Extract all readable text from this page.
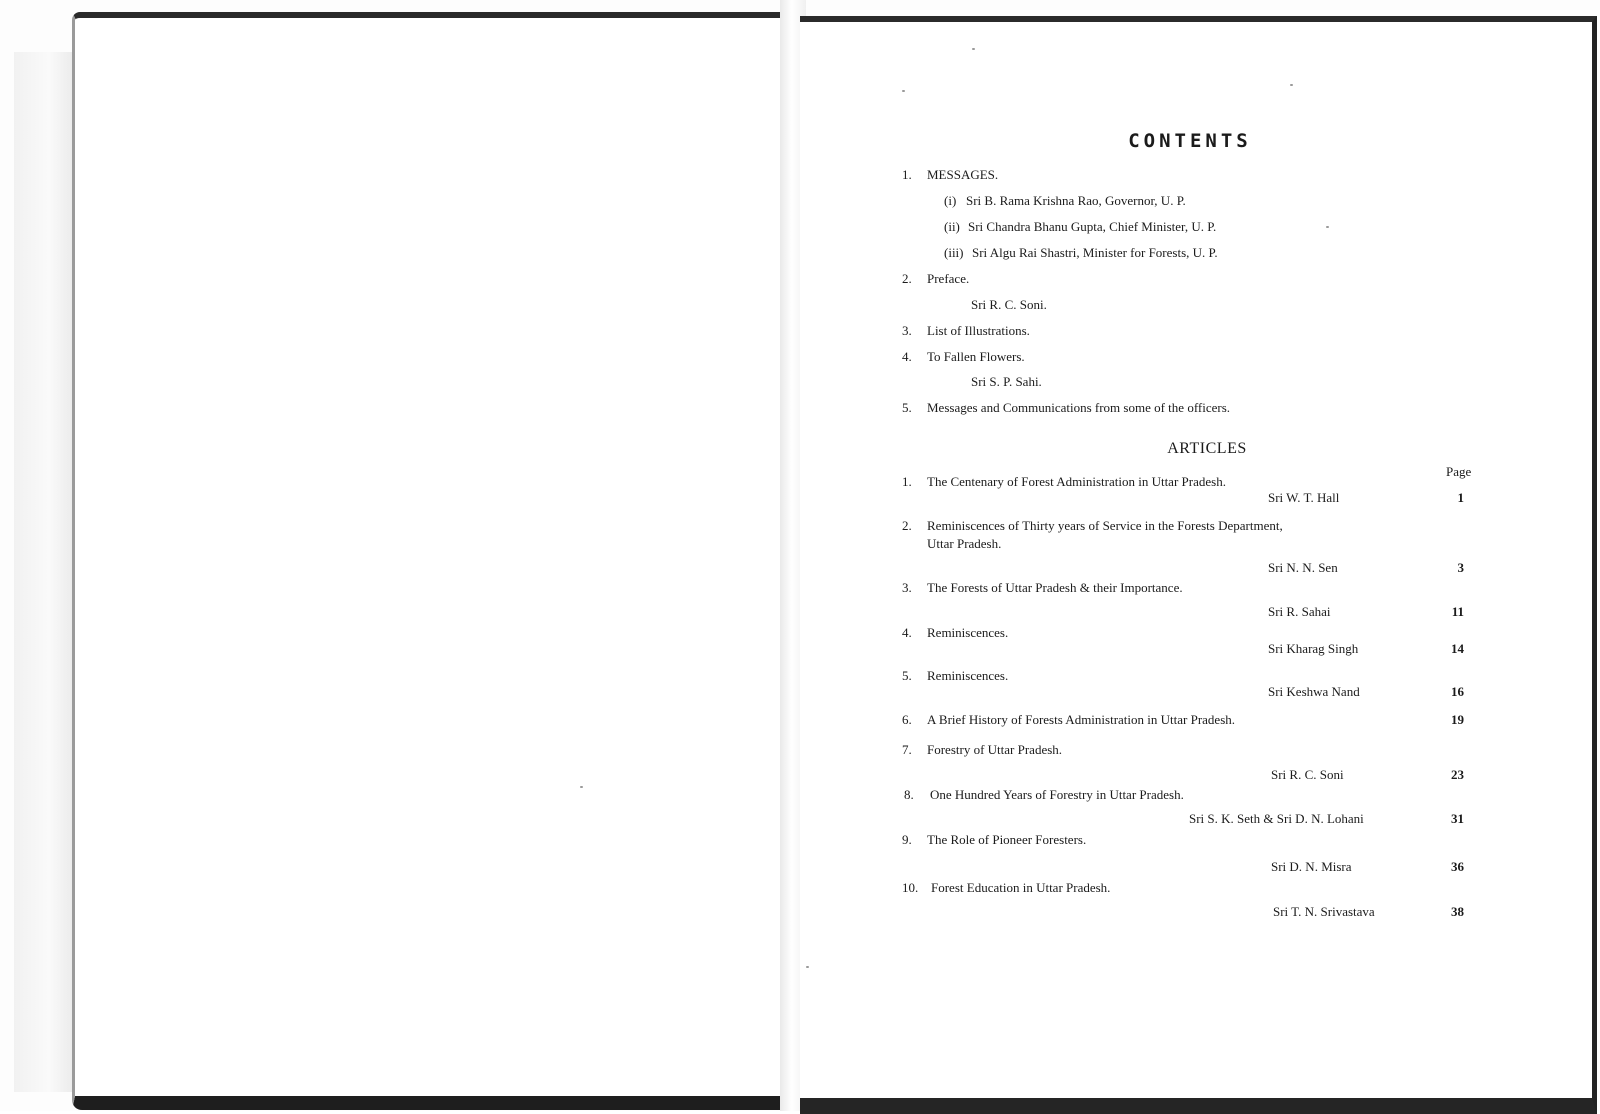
CONTENTS
1. MESSAGES.
(i) Sri B. Rama Krishna Rao, Governor, U. P.
(ii) Sri Chandra Bhanu Gupta, Chief Minister, U. P.
(iii) Sri Algu Rai Shastri, Minister for Forests, U. P.
2. Preface.
Sri R. C. Soni.
3. List of Illustrations.
4. To Fallen Flowers.
Sri S. P. Sahi.
5. Messages and Communications from some of the officers.
ARTICLES
Page
1. The Centenary of Forest Administration in Uttar Pradesh.
Sri W. T. Hall	1
2. Reminiscences of Thirty years of Service in the Forests Department,
Uttar Pradesh.
Sri N. N. Sen	3
3. The Forests of Uttar Pradesh & their Importance.
Sri R. Sahai	11
4. Reminiscences.
Sri Kharag Singh	14
5. Reminiscences.
Sri Keshwa Nand	16
6. A Brief History of Forests Administration in Uttar Pradesh.	19
7. Forestry of Uttar Pradesh.
Sri R. C. Soni	23
8. One Hundred Years of Forestry in Uttar Pradesh.
Sri S. K. Seth & Sri D. N. Lohani	31
9. The Role of Pioneer Foresters.
Sri D. N. Misra	36
10. Forest Education in Uttar Pradesh.
Sri T. N. Srivastava	38
